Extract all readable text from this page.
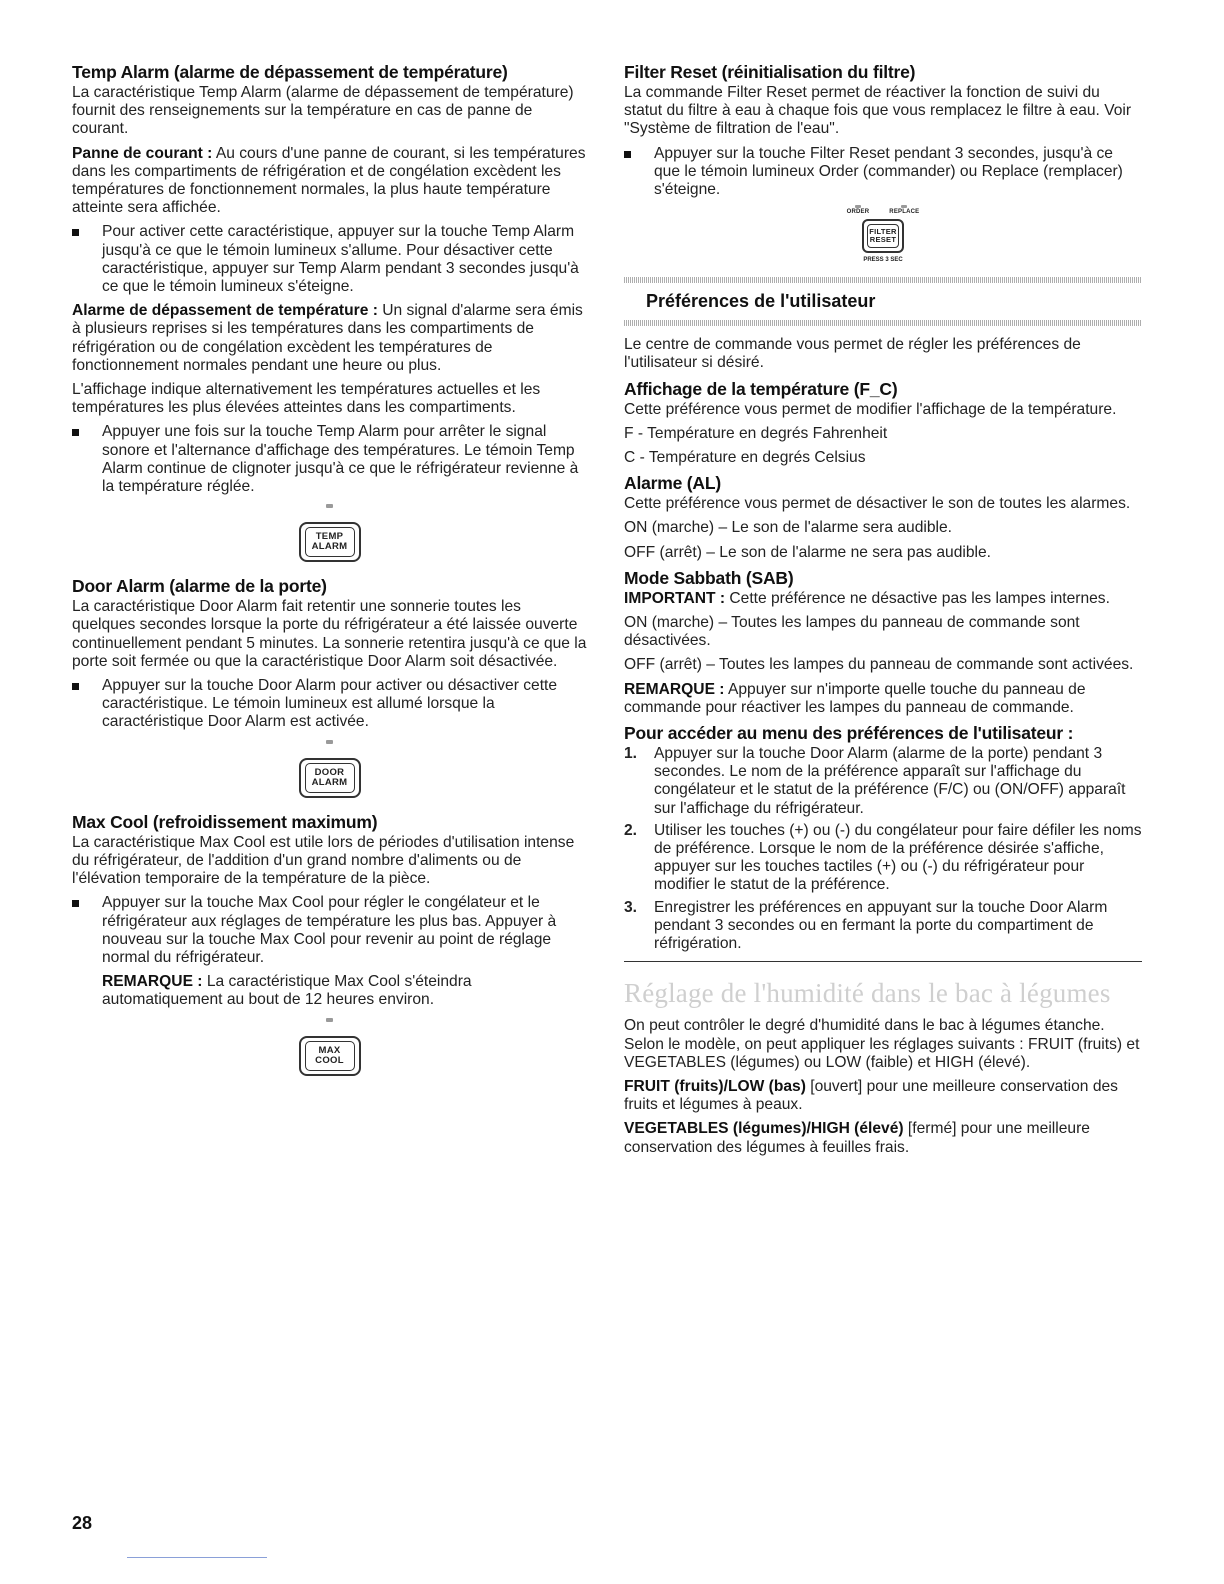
Temp Alarm (alarme de dépassement de température)

La caractéristique Temp Alarm (alarme de dépassement de température) fournit des renseignements sur la température en cas de panne de courant.

Panne de courant : Au cours d'une panne de courant, si les températures dans les compartiments de réfrigération et de congélation excèdent les températures de fonctionnement normales, la plus haute température atteinte sera affichée.

Pour activer cette caractéristique, appuyer sur la touche Temp Alarm jusqu'à ce que le témoin lumineux s'allume. Pour désactiver cette caractéristique, appuyer sur Temp Alarm pendant 3 secondes jusqu'à ce que le témoin lumineux s'éteigne.

Alarme de dépassement de température : Un signal d'alarme sera émis à plusieurs reprises si les températures dans les compartiments de réfrigération ou de congélation excèdent les températures de fonctionnement normales pendant une heure ou plus.

L'affichage indique alternativement les températures actuelles et les températures les plus élevées atteintes dans les compartiments.

Appuyer une fois sur la touche Temp Alarm pour arrêter le signal sonore et l'alternance d'affichage des températures. Le témoin Temp Alarm continue de clignoter jusqu'à ce que le réfrigérateur revienne à la température réglée.
TEMP
ALARM
Door Alarm (alarme de la porte)

La caractéristique Door Alarm fait retentir une sonnerie toutes les quelques secondes lorsque la porte du réfrigérateur a été laissée ouverte continuellement pendant 5 minutes. La sonnerie retentira jusqu'à ce que la porte soit fermée ou que la caractéristique Door Alarm soit désactivée.

Appuyer sur la touche Door Alarm pour activer ou désactiver cette caractéristique. Le témoin lumineux est allumé lorsque la caractéristique Door Alarm est activée.
DOOR
ALARM
Max Cool (refroidissement maximum)

La caractéristique Max Cool est utile lors de périodes d'utilisation intense du réfrigérateur, de l'addition d'un grand nombre d'aliments ou de l'élévation temporaire de la température de la pièce.

Appuyer sur la touche Max Cool pour régler le congélateur et le réfrigérateur aux réglages de température les plus bas. Appuyer à nouveau sur la touche Max Cool pour revenir au point de réglage normal du réfrigérateur.

REMARQUE : La caractéristique Max Cool s'éteindra automatiquement au bout de 12 heures environ.

MAX
COOL
Filter Reset (réinitialisation du filtre)

La commande Filter Reset permet de réactiver la fonction de suivi du statut du filtre à eau à chaque fois que vous remplacez le filtre à eau. Voir "Système de filtration de l'eau".

Appuyer sur la touche Filter Reset pendant 3 secondes, jusqu'à ce que le témoin lumineux Order (commander) ou Replace (remplacer) s'éteigne.
ORDER	REPLACE
FILTER
RESET
PRESS 3 SEC
Préférences de l'utilisateur

Le centre de commande vous permet de régler les préférences de l'utilisateur si désiré.

Affichage de la température (F_C)

Cette préférence vous permet de modifier l'affichage de la température.

F - Température en degrés Fahrenheit

C - Température en degrés Celsius

Alarme (AL)

Cette préférence vous permet de désactiver le son de toutes les alarmes.

ON (marche) – Le son de l'alarme sera audible.

OFF (arrêt) – Le son de l'alarme ne sera pas audible.

Mode Sabbath (SAB)

IMPORTANT : Cette préférence ne désactive pas les lampes internes.

ON (marche) – Toutes les lampes du panneau de commande sont désactivées.

OFF (arrêt) – Toutes les lampes du panneau de commande sont activées.

REMARQUE : Appuyer sur n'importe quelle touche du panneau de commande pour réactiver les lampes du panneau de commande.

Pour accéder au menu des préférences de l'utilisateur :
1. Appuyer sur la touche Door Alarm (alarme de la porte) pendant 3 secondes. Le nom de la préférence apparaît sur l'affichage du congélateur et le statut de la préférence (F/C) ou (ON/OFF) apparaît sur l'affichage du réfrigérateur.
2. Utiliser les touches (+) ou (-) du congélateur pour faire défiler les noms de préférence. Lorsque le nom de la préférence désirée s'affiche, appuyer sur les touches tactiles (+) ou (-) du réfrigérateur pour modifier le statut de la préférence.
3. Enregistrer les préférences en appuyant sur la touche Door Alarm pendant 3 secondes ou en fermant la porte du compartiment de réfrigération.
Réglage de l'humidité dans le bac à légumes

On peut contrôler le degré d'humidité dans le bac à légumes étanche. Selon le modèle, on peut appliquer les réglages suivants : FRUIT (fruits) et VEGETABLES (légumes) ou LOW (faible) et HIGH (élevé).

FRUIT (fruits)/LOW (bas) [ouvert] pour une meilleure conservation des fruits et légumes à peaux.

VEGETABLES (légumes)/HIGH (élevé) [fermé] pour une meilleure conservation des légumes à feuilles frais.

28
